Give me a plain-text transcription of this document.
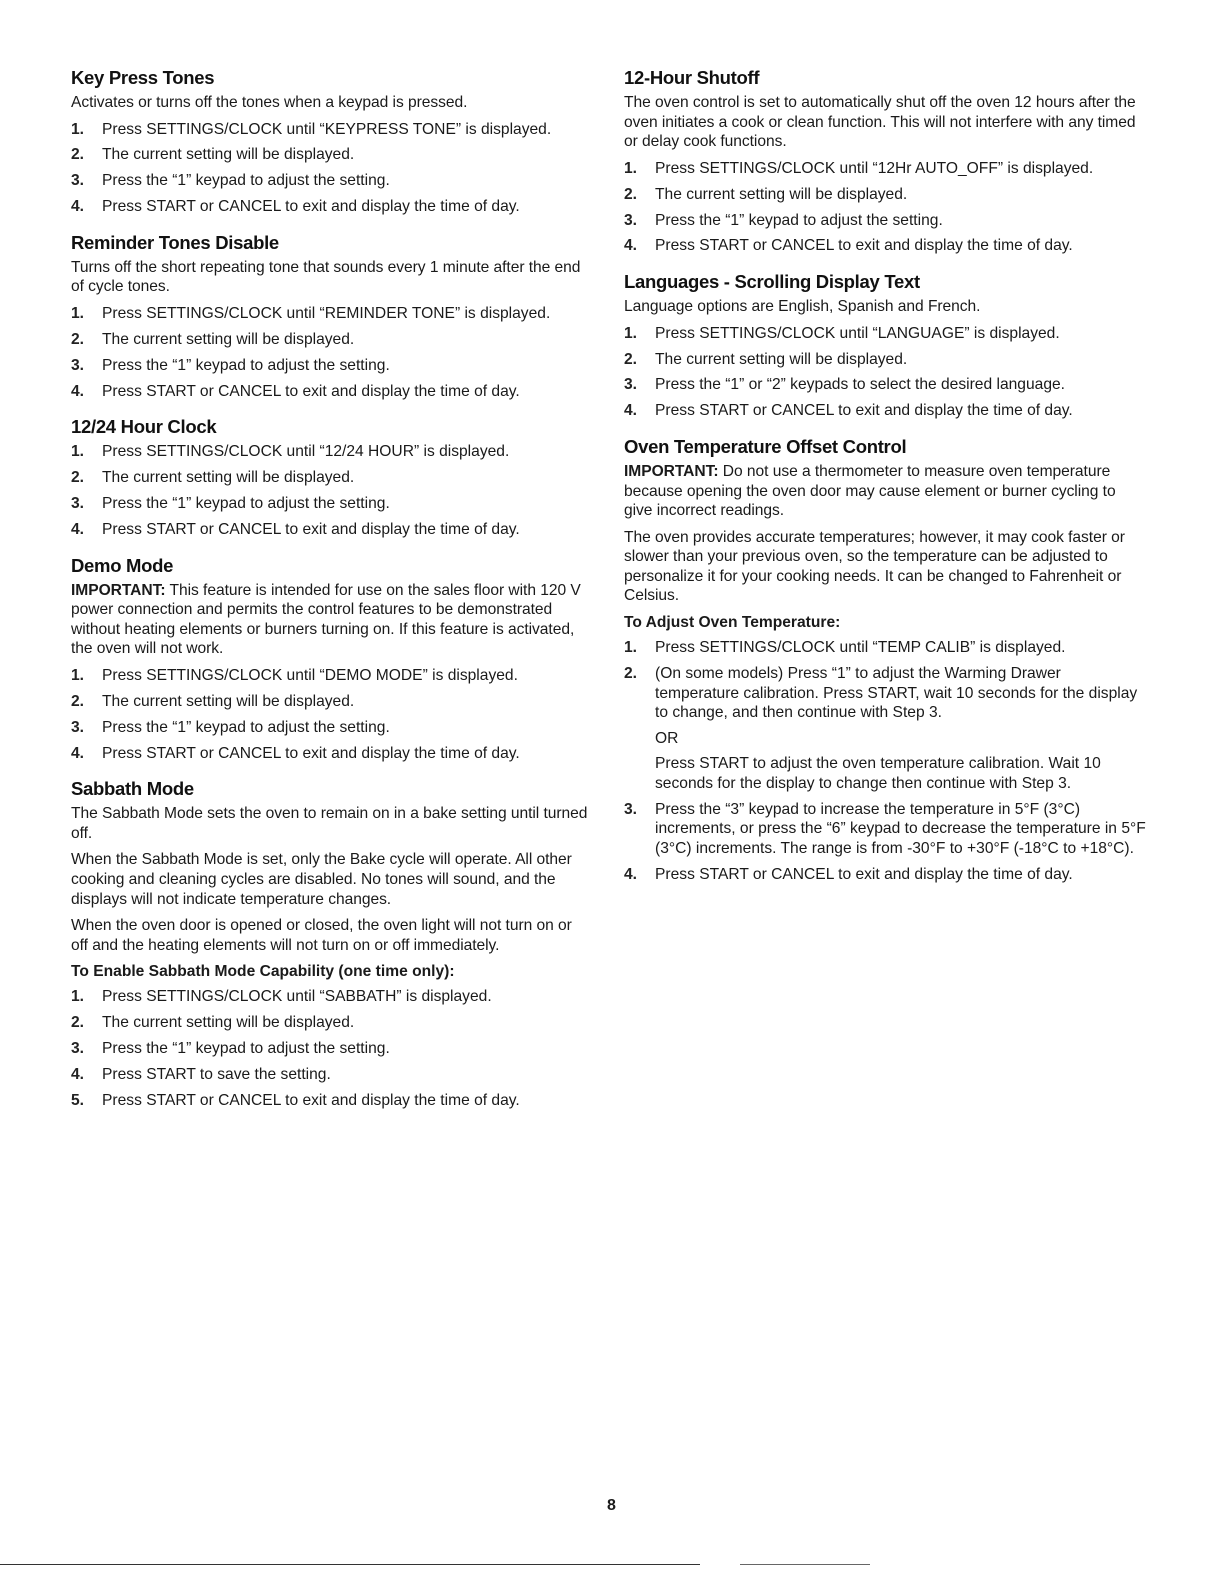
Key Press Tones

Activates or turns off the tones when a keypad is pressed.

1. Press SETTINGS/CLOCK until “KEYPRESS TONE” is displayed.
2. The current setting will be displayed.
3. Press the “1” keypad to adjust the setting.
4. Press START or CANCEL to exit and display the time of day.
Reminder Tones Disable

Turns off the short repeating tone that sounds every 1 minute after the end of cycle tones.

1. Press SETTINGS/CLOCK until “REMINDER TONE” is displayed.
2. The current setting will be displayed.
3. Press the “1” keypad to adjust the setting.
4. Press START or CANCEL to exit and display the time of day.
12/24 Hour Clock
1. Press SETTINGS/CLOCK until “12/24 HOUR” is displayed.
2. The current setting will be displayed.
3. Press the “1” keypad to adjust the setting.
4. Press START or CANCEL to exit and display the time of day.
Demo Mode

IMPORTANT: This feature is intended for use on the sales floor with 120 V power connection and permits the control features to be demonstrated without heating elements or burners turning on. If this feature is activated, the oven will not work.

1. Press SETTINGS/CLOCK until “DEMO MODE” is displayed.
2. The current setting will be displayed.
3. Press the “1” keypad to adjust the setting.
4. Press START or CANCEL to exit and display the time of day.
Sabbath Mode

The Sabbath Mode sets the oven to remain on in a bake setting until turned off.

When the Sabbath Mode is set, only the Bake cycle will operate. All other cooking and cleaning cycles are disabled. No tones will sound, and the displays will not indicate temperature changes.

When the oven door is opened or closed, the oven light will not turn on or off and the heating elements will not turn on or off immediately.

To Enable Sabbath Mode Capability (one time only):
1. Press SETTINGS/CLOCK until “SABBATH” is displayed.
2. The current setting will be displayed.
3. Press the “1” keypad to adjust the setting.
4. Press START to save the setting.
5. Press START or CANCEL to exit and display the time of day.
12-Hour Shutoff

The oven control is set to automatically shut off the oven 12 hours after the oven initiates a cook or clean function. This will not interfere with any timed or delay cook functions.

1. Press SETTINGS/CLOCK until “12Hr AUTO_OFF” is displayed.
2. The current setting will be displayed.
3. Press the “1” keypad to adjust the setting.
4. Press START or CANCEL to exit and display the time of day.
Languages - Scrolling Display Text

Language options are English, Spanish and French.

1. Press SETTINGS/CLOCK until “LANGUAGE” is displayed.
2. The current setting will be displayed.
3. Press the “1” or “2” keypads to select the desired language.
4. Press START or CANCEL to exit and display the time of day.
Oven Temperature Offset Control

IMPORTANT: Do not use a thermometer to measure oven temperature because opening the oven door may cause element or burner cycling to give incorrect readings.

The oven provides accurate temperatures; however, it may cook faster or slower than your previous oven, so the temperature can be adjusted to personalize it for your cooking needs. It can be changed to Fahrenheit or Celsius.

To Adjust Oven Temperature:
1. Press SETTINGS/CLOCK until “TEMP CALIB” is displayed.
2. (On some models) Press “1” to adjust the Warming Drawer temperature calibration. Press START, wait 10 seconds for the display to change, and then continue with Step 3.
OR
Press START to adjust the oven temperature calibration. Wait 10 seconds for the display to change then continue with Step 3.
3. Press the “3” keypad to increase the temperature in 5°F (3°C) increments, or press the “6” keypad to decrease the temperature in 5°F (3°C) increments. The range is from -30°F to +30°F (-18°C to +18°C).
4. Press START or CANCEL to exit and display the time of day.
8
